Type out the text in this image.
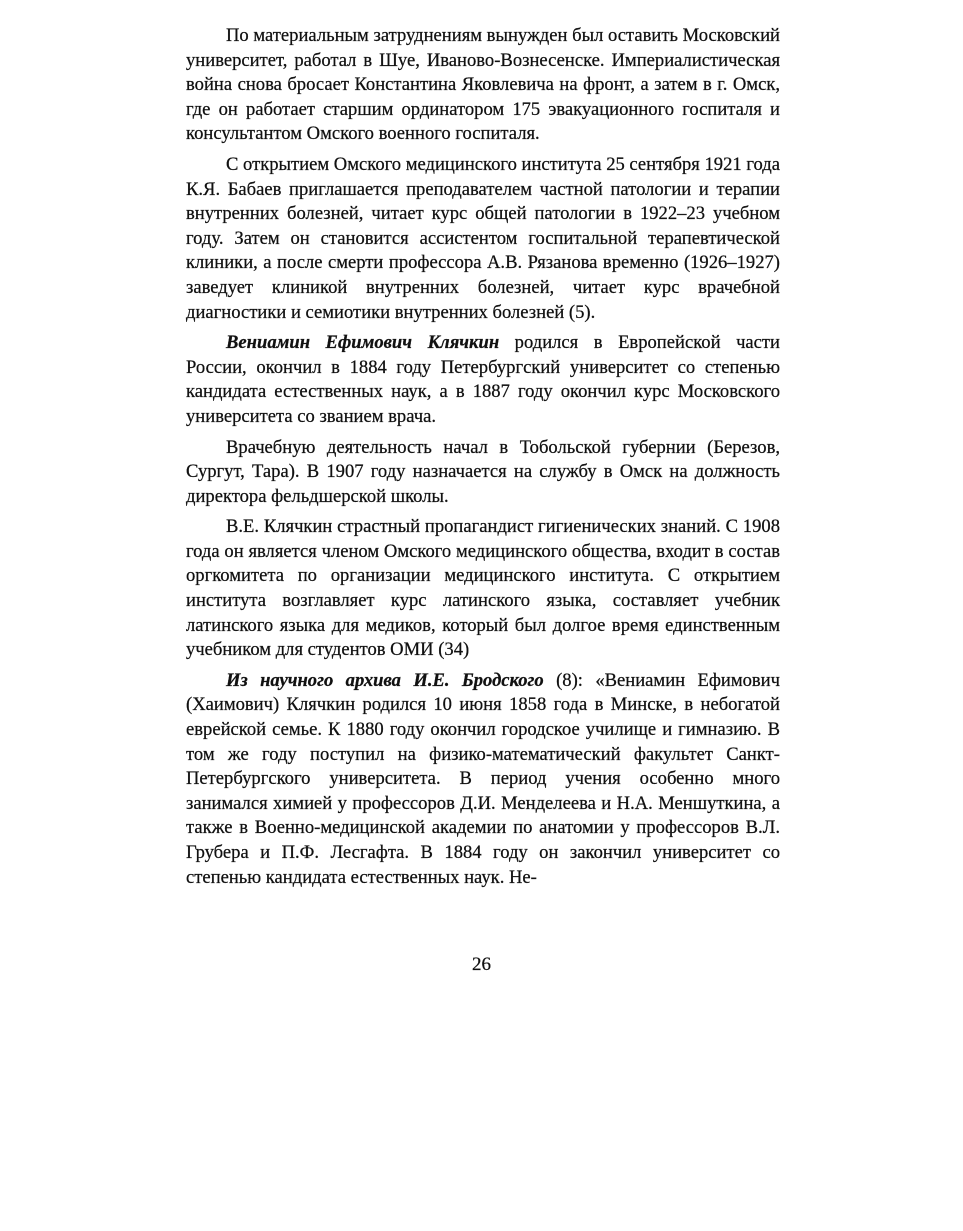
По материальным затруднениям вынужден был оставить Московский университет, работал в Шуе, Иваново-Вознесенске. Империалистическая война снова бросает Константина Яковлевича на фронт, а затем в г. Омск, где он работает старшим ординатором 175 эвакуационного госпиталя и консультантом Омского военного госпиталя.

С открытием Омского медицинского института 25 сентября 1921 года К.Я. Бабаев приглашается преподавателем частной патологии и терапии внутренних болезней, читает курс общей патологии в 1922–23 учебном году. Затем он становится ассистентом госпитальной терапевтической клиники, а после смерти профессора А.В. Рязанова временно (1926–1927) заведует клиникой внутренних болезней, читает курс врачебной диагностики и семиотики внутренних болезней (5).

Вениамин Ефимович Клячкин родился в Европейской части России, окончил в 1884 году Петербургский университет со степенью кандидата естественных наук, а в 1887 году окончил курс Московского университета со званием врача.

Врачебную деятельность начал в Тобольской губернии (Березов, Сургут, Тара). В 1907 году назначается на службу в Омск на должность директора фельдшерской школы.

В.Е. Клячкин страстный пропагандист гигиенических знаний. С 1908 года он является членом Омского медицинского общества, входит в состав оргкомитета по организации медицинского института. С открытием института возглавляет курс латинского языка, составляет учебник латинского языка для медиков, который был долгое время единственным учебником для студентов ОМИ (34)

Из научного архива И.Е. Бродского (8): «Вениамин Ефимович (Хаимович) Клячкин родился 10 июня 1858 года в Минске, в небогатой еврейской семье. К 1880 году окончил городское училище и гимназию. В том же году поступил на физико-математический факультет Санкт-Петербургского университета. В период учения особенно много занимался химией у профессоров Д.И. Менделеева и Н.А. Меншуткина, а также в Военно-медицинской академии по анатомии у профессоров В.Л. Грубера и П.Ф. Лесгафта. В 1884 году он закончил университет со степенью кандидата естественных наук. Не-

26
